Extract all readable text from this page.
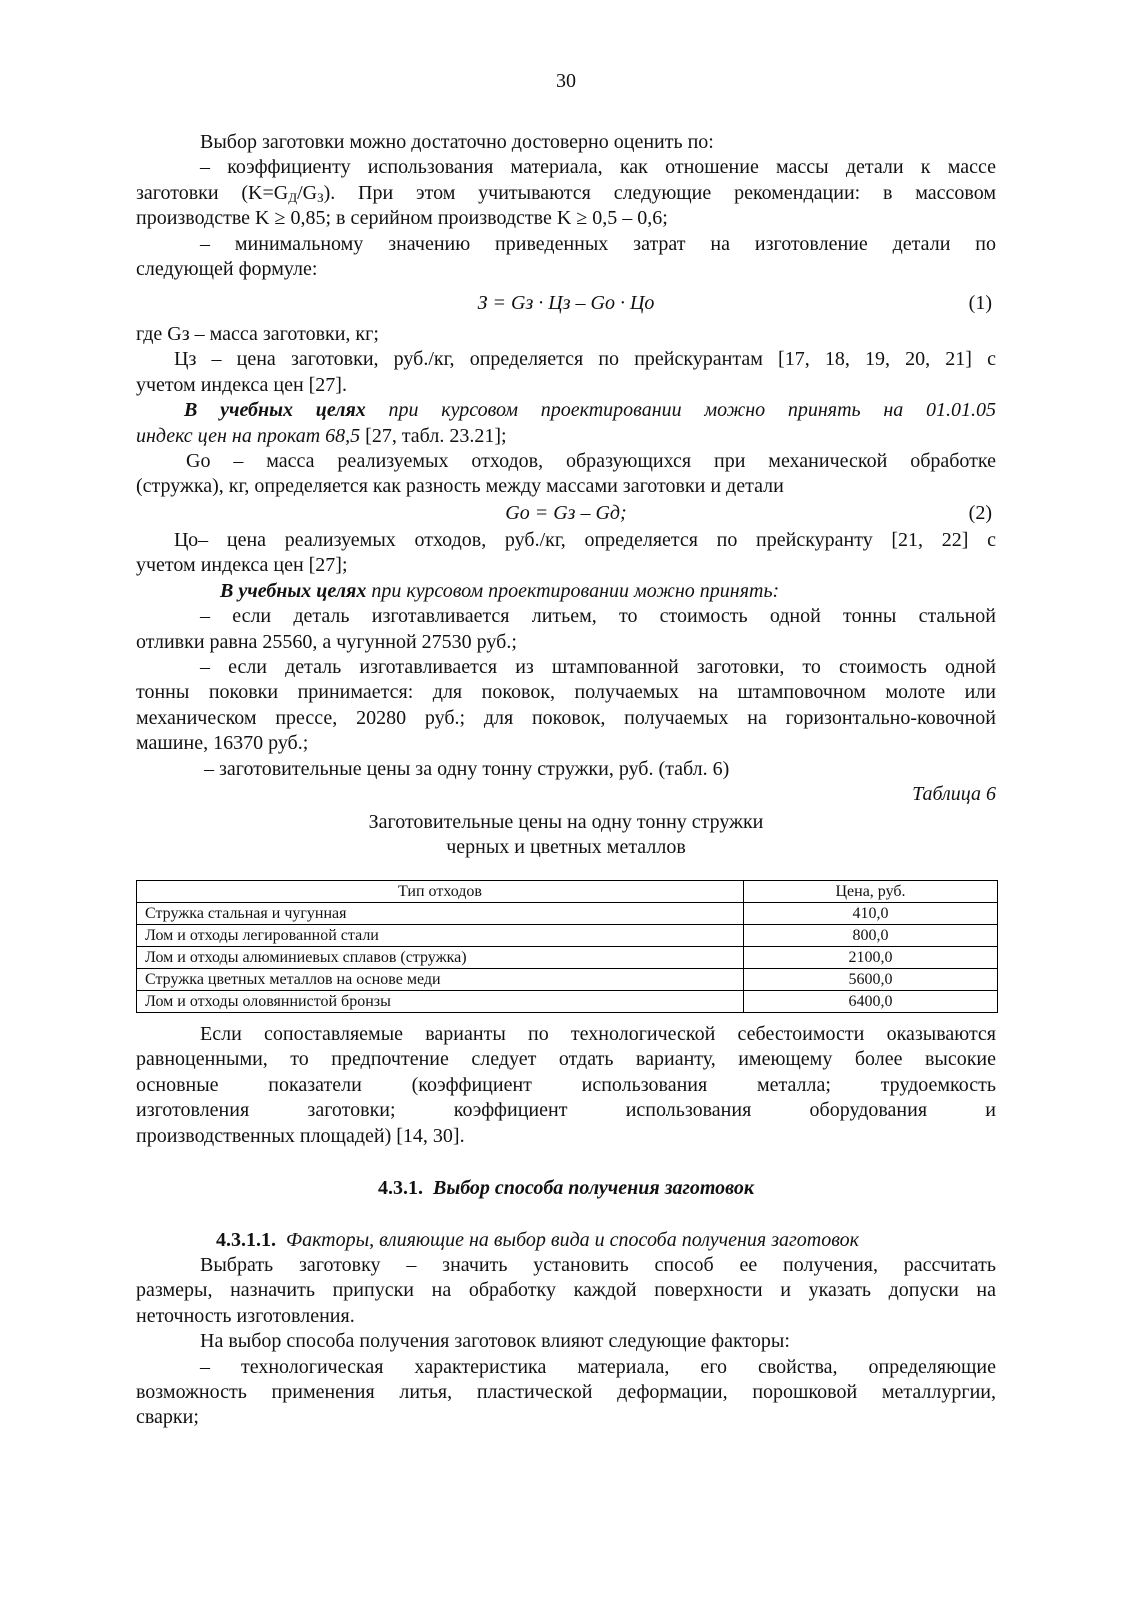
30
Выбор заготовки можно достаточно достоверно оценить по:
– коэффициенту использования материала, как отношение массы детали к массе
заготовки $(K=G_Д/G_З)$. При этом учитываются следующие рекомендации: в массовом
производстве K ≥ 0,85; в серийном производстве K ≥ 0,5 – 0,6;
– минимальному значению приведенных затрат на изготовление детали по
следующей формуле:
З = Gз · Цз – Gо · Цо	(1)
где Gз – масса заготовки, кг;
Цз – цена заготовки, руб./кг, определяется по прейскурантам [17, 18, 19, 20, 21] с
учетом индекса цен [27].
В учебных целях при курсовом проектировании можно принять на 01.01.05
индекс цен на прокат 68,5 [27, табл. 23.21];
Gо – масса реализуемых отходов, образующихся при механической обработке
(стружка), кг, определяется как разность между массами заготовки и детали
Gо = Gз – Gд;	(2)
Цо– цена реализуемых отходов, руб./кг, определяется по прейскуранту [21, 22] с
учетом индекса цен [27];
В учебных целях при курсовом проектировании можно принять:
– если деталь изготавливается литьем, то стоимость одной тонны стальной
отливки равна 25560, а чугунной 27530 руб.;
– если деталь изготавливается из штампованной заготовки, то стоимость одной
тонны поковки принимается: для поковок, получаемых на штамповочном молоте или
механическом прессе, 20280 руб.; для поковок, получаемых на горизонтально-ковочной
машине, 16370 руб.;
– заготовительные цены за одну тонну стружки, руб. (табл. 6)
Таблица 6
Заготовительные цены на одну тонну стружки
черных и цветных металлов
Тип отходов	Цена, руб.
Стружка стальная и чугунная	410,0
Лом и отходы легированной стали	800,0
Лом и отходы алюминиевых сплавов (стружка)	2100,0
Стружка цветных металлов на основе меди	5600,0
Лом и отходы оловяннистой бронзы	6400,0
Если сопоставляемые варианты по технологической себестоимости оказываются
равноценными, то предпочтение следует отдать варианту, имеющему более высокие
основные показатели (коэффициент использования металла; трудоемкость
изготовления заготовки; коэффициент использования оборудования и
производственных площадей) [14, 30].
4.3.1. Выбор способа получения заготовок
4.3.1.1. Факторы, влияющие на выбор вида и способа получения заготовок
Выбрать заготовку – значить установить способ ее получения, рассчитать
размеры, назначить припуски на обработку каждой поверхности и указать допуски на
неточность изготовления.
На выбор способа получения заготовок влияют следующие факторы:
– технологическая характеристика материала, его свойства, определяющие
возможность применения литья, пластической деформации, порошковой металлургии,
сварки;
